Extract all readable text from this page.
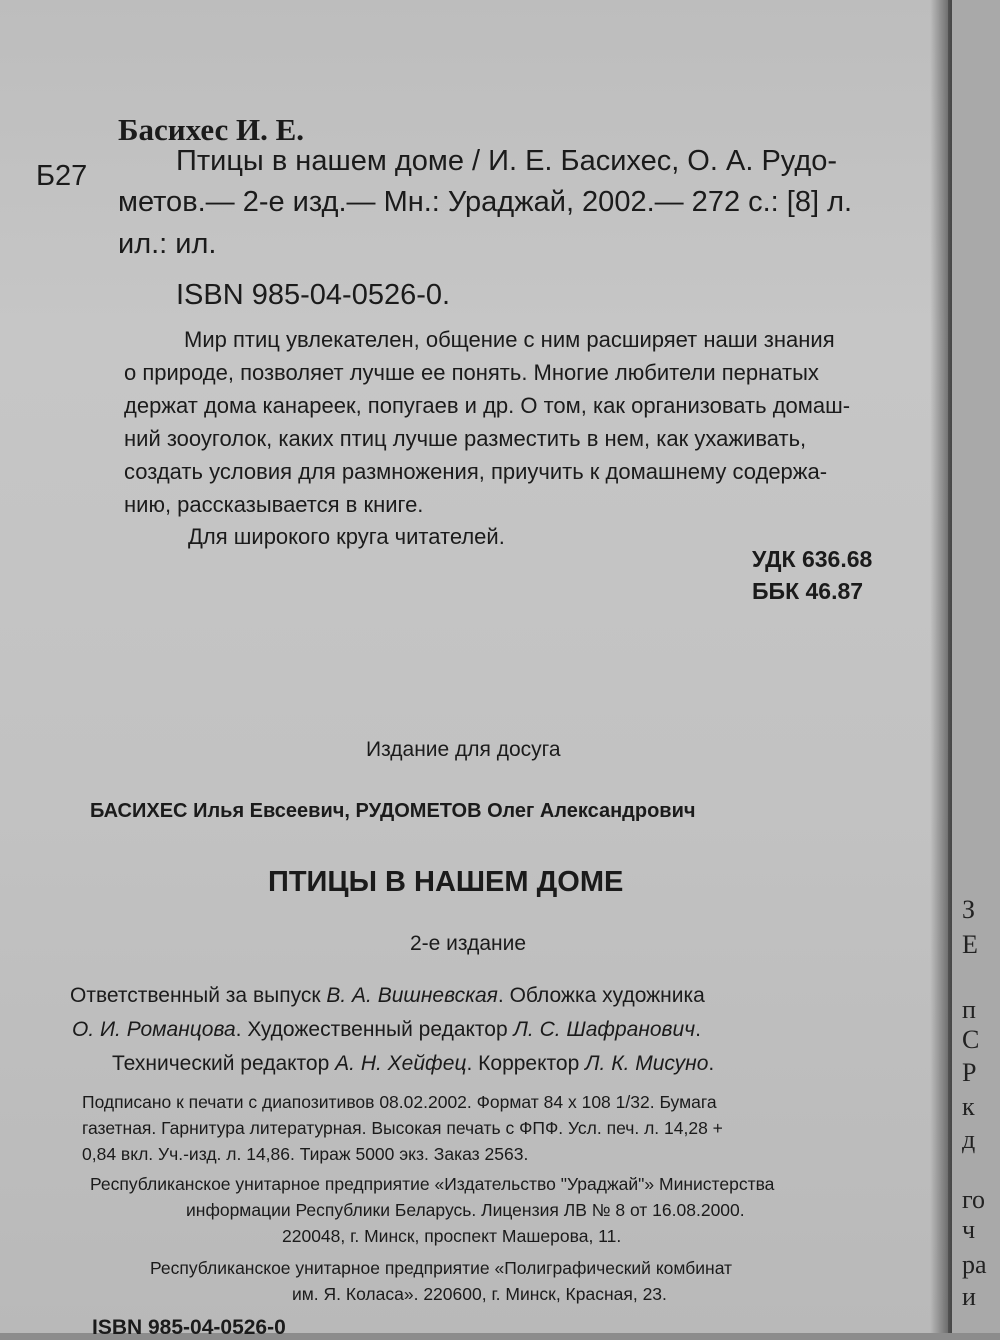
Басихес И. Е.
Б27	Птицы в нашем доме / И. Е. Басихес, О. А. Рудо-
метов.— 2-е изд.— Мн.: Ураджай, 2002.— 272 с.: [8] л.
ил.: ил.
ISBN 985-04-0526-0.
Мир птиц увлекателен, общение с ним расширяет наши знания
о природе, позволяет лучше ее понять. Многие любители пернатых
держат дома канареек, попугаев и др. О том, как организовать домаш-
ний зооуголок, каких птиц лучше разместить в нем, как ухаживать,
создать условия для размножения, приучить к домашнему содержа-
нию, рассказывается в книге.
Для широкого круга читателей.
УДК 636.68
ББК 46.87
Издание для досуга
БАСИХЕС Илья Евсеевич, РУДОМЕТОВ Олег Александрович
ПТИЦЫ В НАШЕМ ДОМЕ
2-е издание
Ответственный за выпуск В. А. Вишневская. Обложка художника
О. И. Романцова. Художественный редактор Л. С. Шафранович.
Технический редактор А. Н. Хейфец. Корректор Л. К. Мисуно.
Подписано к печати с диапозитивов 08.02.2002. Формат 84 х 108 1/32. Бумага
газетная. Гарнитура литературная. Высокая печать с ФПФ. Усл. печ. л. 14,28 +
0,84 вкл. Уч.-изд. л. 14,86. Тираж 5000 экз. Заказ 2563.
Республиканское унитарное предприятие «Издательство "Ураджай"» Министерства
информации Республики Беларусь. Лицензия ЛВ № 8 от 16.08.2000.
220048, г. Минск, проспект Машерова, 11.
Республиканское унитарное предприятие «Полиграфический комбинат
им. Я. Коласа». 220600, г. Минск, Красная, 23.
ISBN 985-04-0526-0
З
Е
п
С
Р
к
д
го
ч
ра
и
